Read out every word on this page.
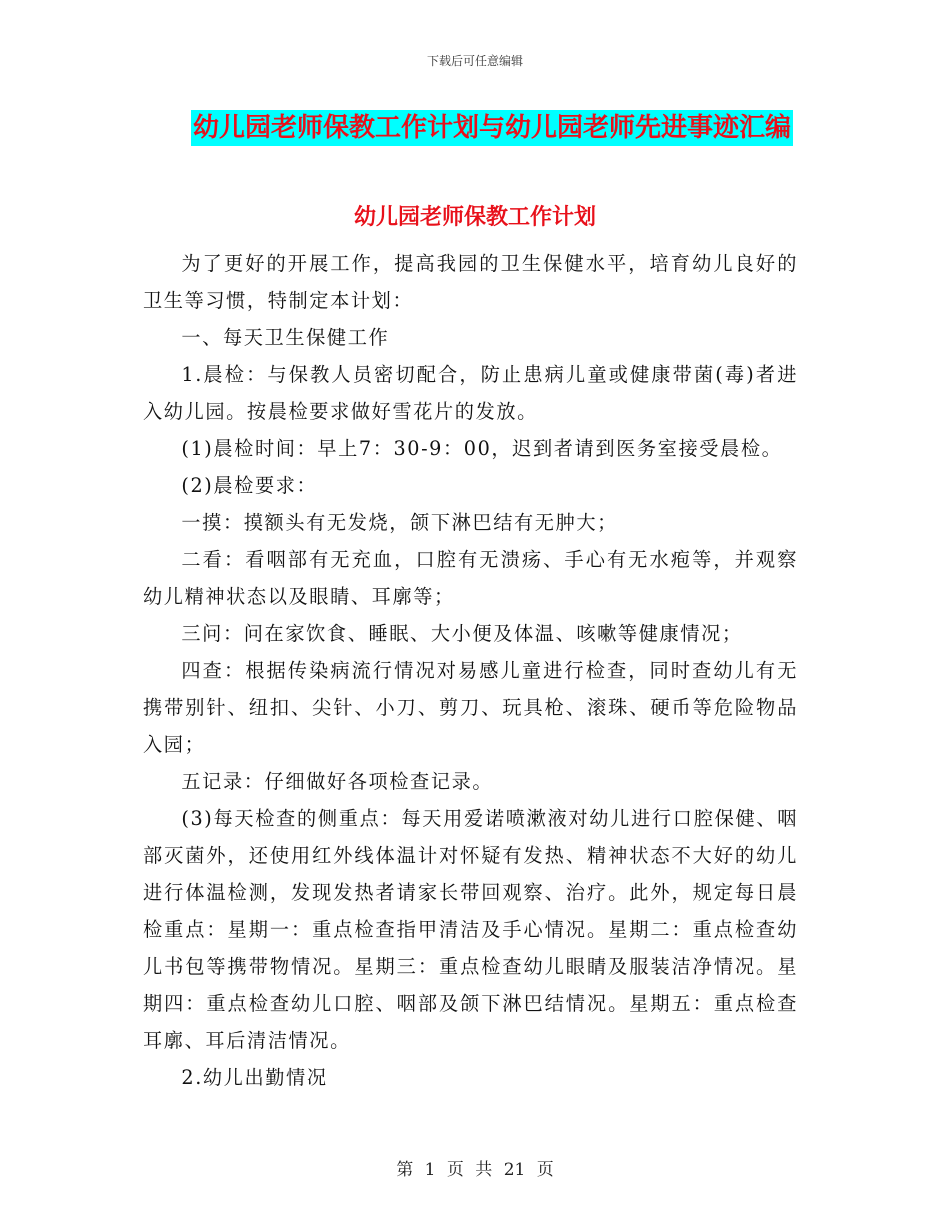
下载后可任意编辑
幼儿园老师保教工作计划与幼儿园老师先进事迹汇编
幼儿园老师保教工作计划

为了更好的开展工作，提高我园的卫生保健水平，培育幼儿良好的卫生等习惯，特制定本计划：

一、每天卫生保健工作

1.晨检：与保教人员密切配合，防止患病儿童或健康带菌(毒)者进入幼儿园。按晨检要求做好雪花片的发放。

(1)晨检时间：早上7：30-9：00，迟到者请到医务室接受晨检。

(2)晨检要求：

一摸：摸额头有无发烧，颌下淋巴结有无肿大；

二看：看咽部有无充血，口腔有无溃疡、手心有无水疱等，并观察幼儿精神状态以及眼睛、耳廓等；

三问：问在家饮食、睡眠、大小便及体温、咳嗽等健康情况；

四查：根据传染病流行情况对易感儿童进行检查，同时查幼儿有无携带别针、纽扣、尖针、小刀、剪刀、玩具枪、滚珠、硬币等危险物品入园；

五记录：仔细做好各项检查记录。

(3)每天检查的侧重点：每天用爱诺喷漱液对幼儿进行口腔保健、咽部灭菌外，还使用红外线体温计对怀疑有发热、精神状态不大好的幼儿进行体温检测，发现发热者请家长带回观察、治疗。此外，规定每日晨检重点：星期一：重点检查指甲清洁及手心情况。星期二：重点检查幼儿书包等携带物情况。星期三：重点检查幼儿眼睛及服装洁净情况。星期四：重点检查幼儿口腔、咽部及颌下淋巴结情况。星期五：重点检查耳廓、耳后清洁情况。

2.幼儿出勤情况

第 1 页 共 21 页
